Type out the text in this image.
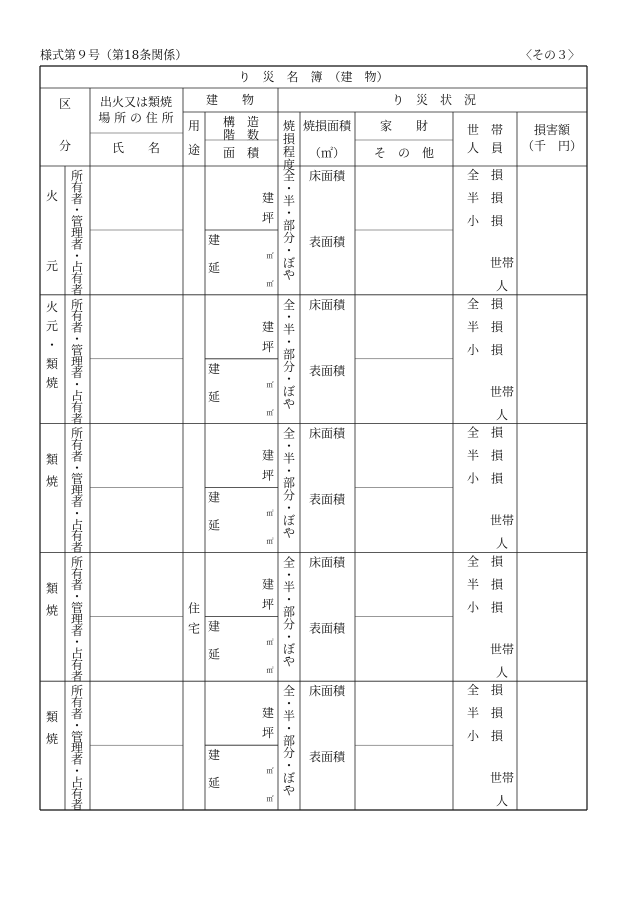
様式第９号（第18条関係）	〈その３〉
り　災　名　簿　（建　物）
区
分
出火又は類焼
場 所 の 住 所
氏　　名
建　　物	り　災　状　況
用途
構　造
階　数
面　積
焼損程度
焼損面積
（㎡）
家　　財
そ　の　他
世　帯
人　員
損害額
（千　円）
火
元
所有者・管理者・占有者
建
坪
建
延
㎡
㎡
全・半・部分・ぼや
床面積
表面積
全　損
半　損
小　損
世帯
人
火元・類焼
所有者・管理者・占有者
建
坪
建
延
㎡
㎡
全・半・部分・ぼや
床面積
表面積
全　損
半　損
小　損
世帯
人
類焼
所有者・管理者・占有者
建
坪
建
延
㎡
㎡
全・半・部分・ぼや
床面積
表面積
全　損
半　損
小　損
世帯
人
類焼
所有者・管理者・占有者
住宅
建
坪
建
延
㎡
㎡
全・半・部分・ぼや
床面積
表面積
全　損
半　損
小　損
世帯
人
類焼
所有者・管理者・占有者
建
坪
建
延
㎡
㎡
全・半・部分・ぼや
床面積
表面積
全　損
半　損
小　損
世帯
人
